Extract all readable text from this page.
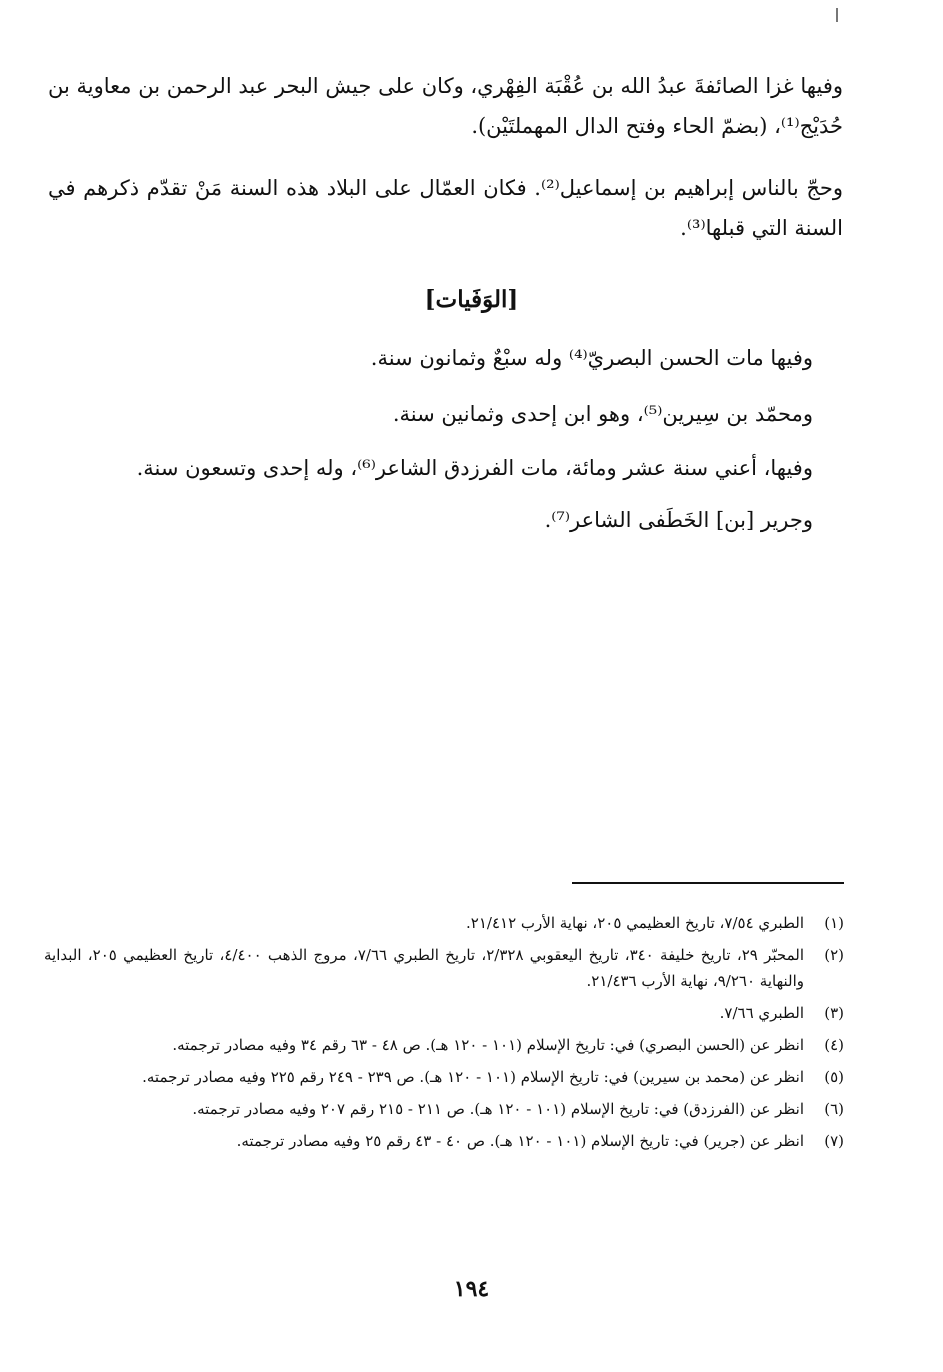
وفيها غزا الصائفةَ عبدُ الله بن عُقْبَة الفِهْري، وكان على جيش البحر عبد الرحمن بن معاوية بن حُدَيْج⁽¹⁾، (بضمّ الحاء وفتح الدال المهملتَيْن).

وحجّ بالناس إبراهيم بن إسماعيل⁽²⁾. فكان العمّال على البلاد هذه السنة مَنْ تقدّم ذكرهم في السنة التي قبلها⁽³⁾.

[الوَفَيات]

وفيها مات الحسن البصريّ⁽⁴⁾ وله سبْعٌ وثمانون سنة.

ومحمّد بن سِيرين⁽⁵⁾، وهو ابن إحدى وثمانين سنة.

وفيها، أعني سنة عشر ومائة، مات الفرزدق الشاعر⁽⁶⁾، وله إحدى وتسعون سنة.

وجرير [بن] الخَطَفى الشاعر⁽⁷⁾.

(١)
الطبري ٧/٥٤، تاريخ العظيمي ٢٠٥، نهاية الأرب ٢١/٤١٢.
(٢)
المحبّر ٢٩، تاريخ خليفة ٣٤٠، تاريخ اليعقوبي ٢/٣٢٨، تاريخ الطبري ٧/٦٦، مروج الذهب ٤/٤٠٠، تاريخ العظيمي ٢٠٥، البداية والنهاية ٩/٢٦٠، نهاية الأرب ٢١/٤٣٦.
(٣)
الطبري ٧/٦٦.
(٤)
انظر عن (الحسن البصري) في: تاريخ الإسلام (١٠١ - ١٢٠ هـ). ص ٤٨ - ٦٣ رقم ٣٤ وفيه مصادر ترجمته.
(٥)
انظر عن (محمد بن سيرين) في: تاريخ الإسلام (١٠١ - ١٢٠ هـ). ص ٢٣٩ - ٢٤٩ رقم ٢٢٥ وفيه مصادر ترجمته.
(٦)
انظر عن (الفرزدق) في: تاريخ الإسلام (١٠١ - ١٢٠ هـ). ص ٢١١ - ٢١٥ رقم ٢٠٧ وفيه مصادر ترجمته.
(٧)
انظر عن (جرير) في: تاريخ الإسلام (١٠١ - ١٢٠ هـ). ص ٤٠ - ٤٣ رقم ٢٥ وفيه مصادر ترجمته.
١٩٤
